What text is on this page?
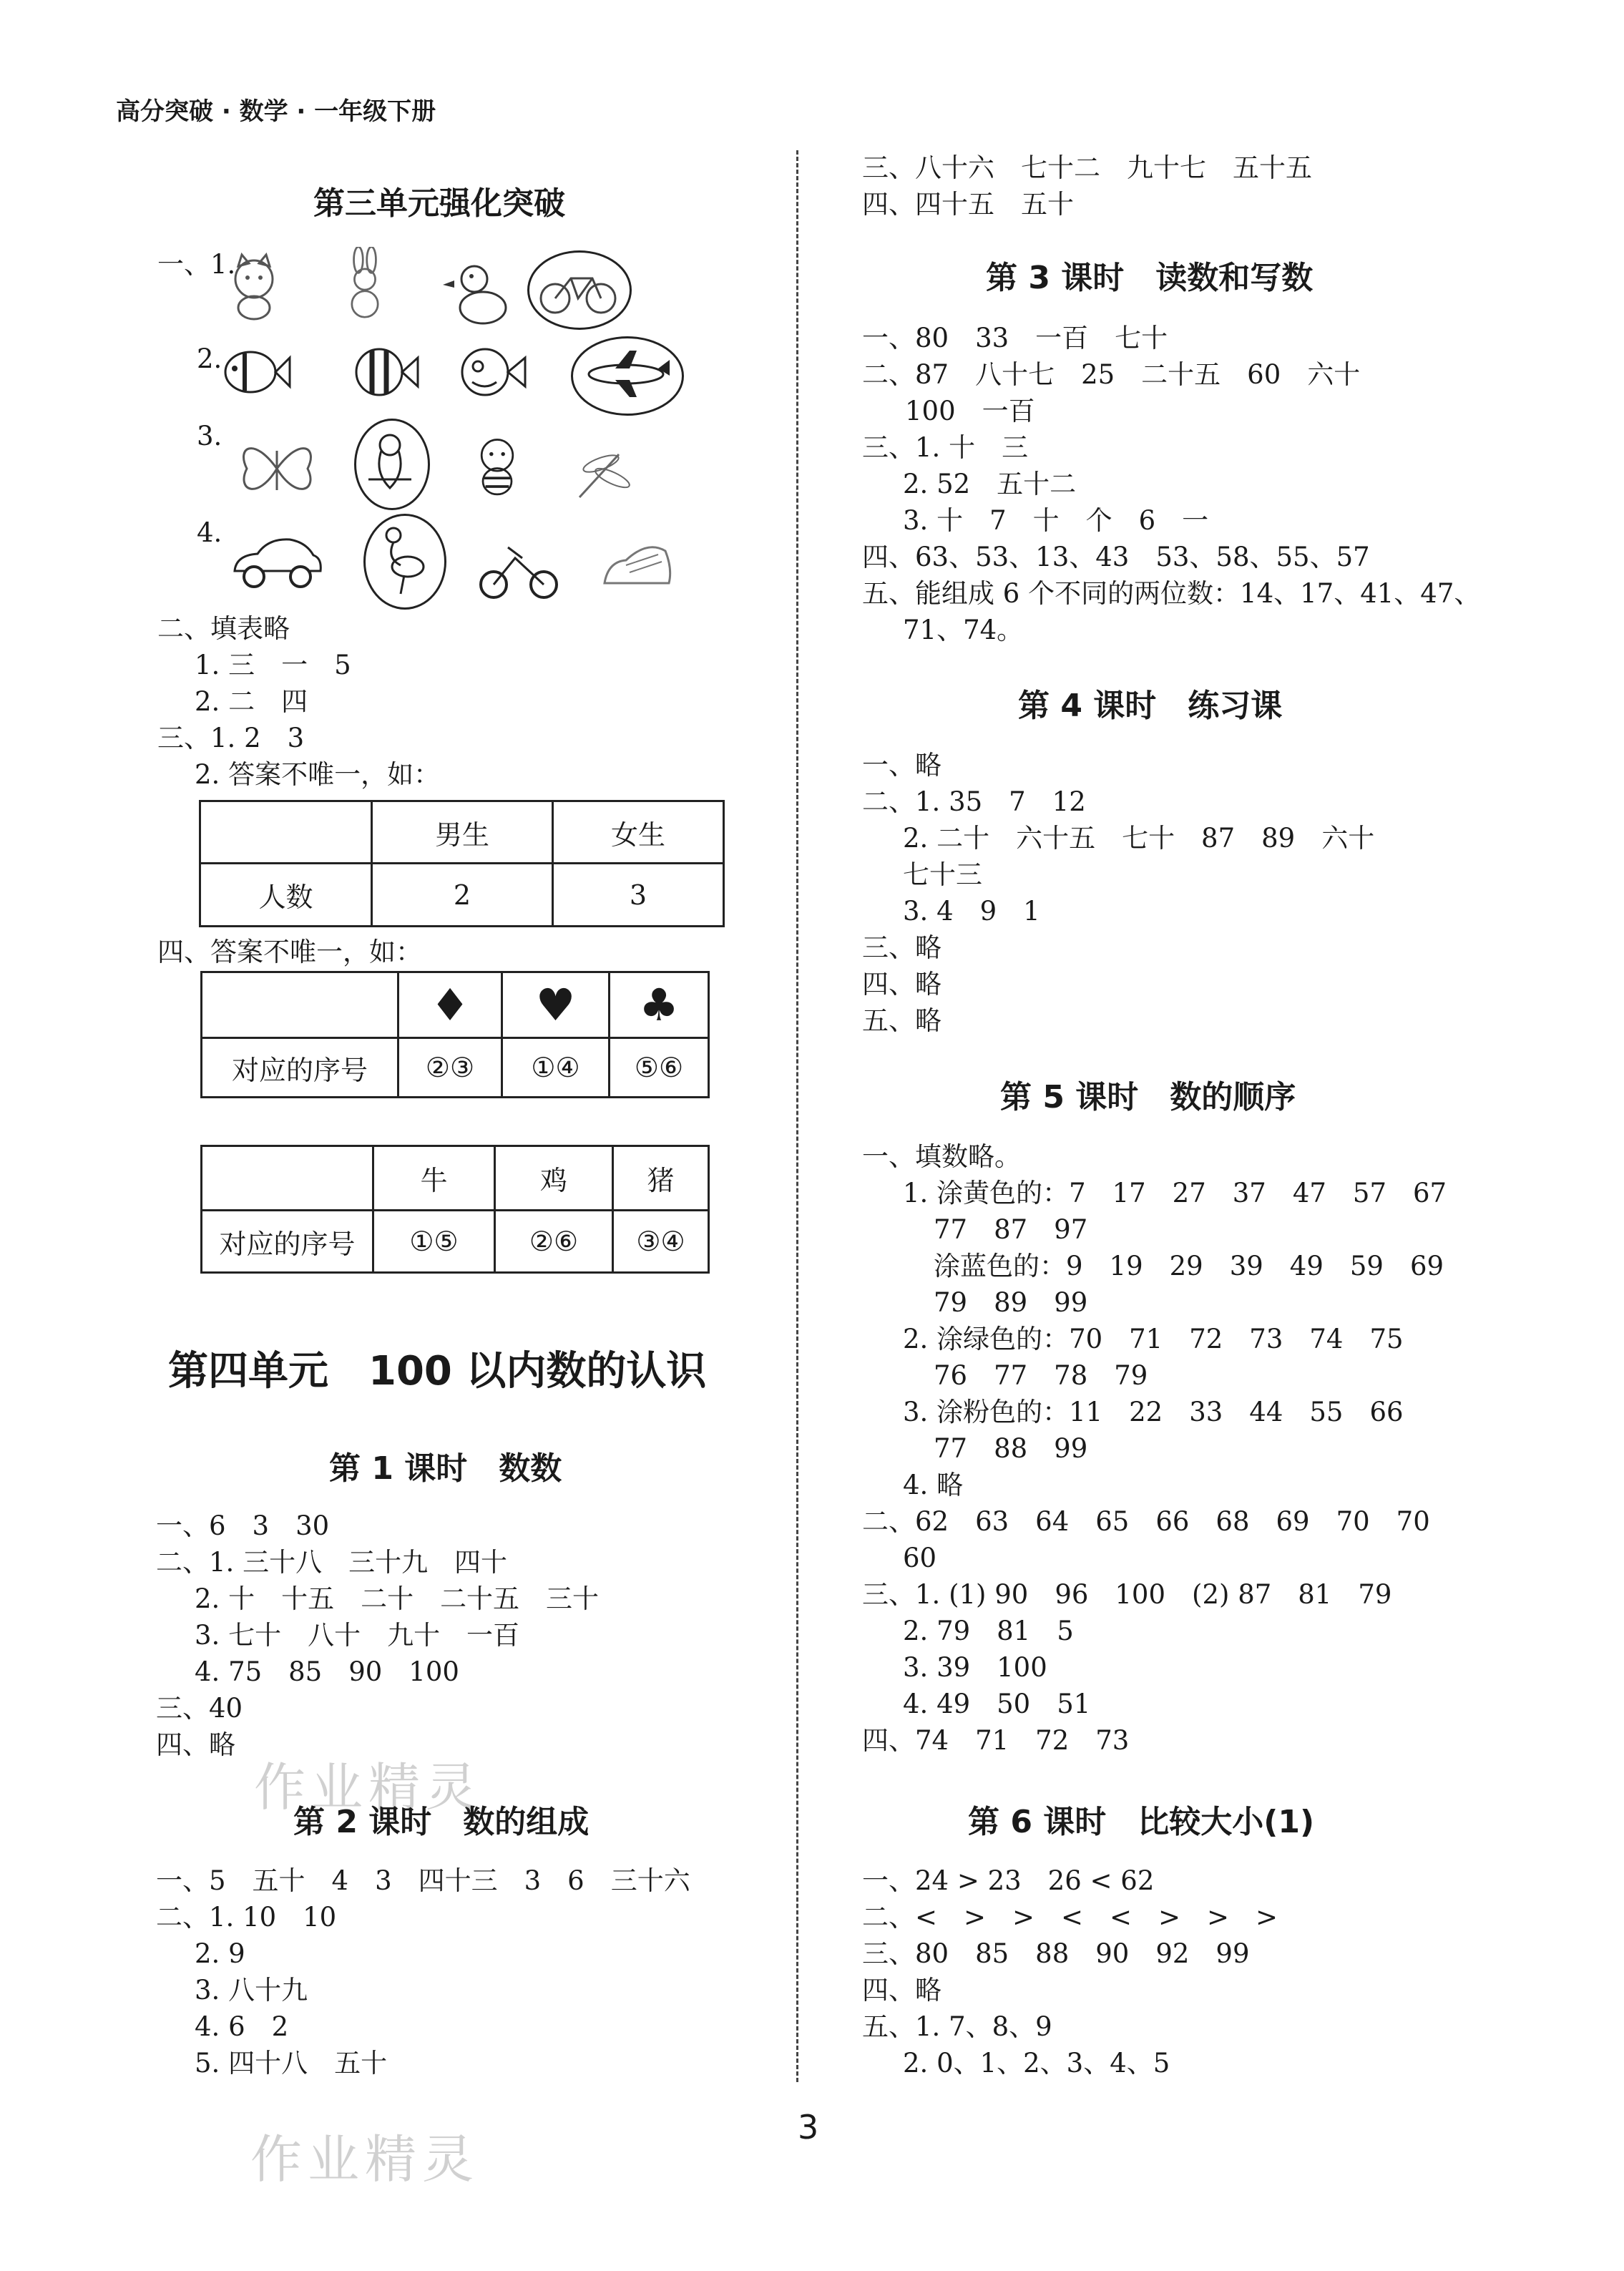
高分突破 · 数学 · 一年级下册
第三单元强化突破
一、1.
2.
3.
4.
二、填表略
1. 三　一　5
2. 二　四
三、1. 2　3
2. 答案不唯一，如：
	男生	女生
人数	2	3
四、答案不唯一，如：
	♦	♥	♣
对应的序号	②③	①④	⑤⑥
	牛	鸡	猪
对应的序号	①⑤	②⑥	③④
第四单元　100 以内数的认识
第 1 课时　数数
一、6　3　30
二、1. 三十八　三十九　四十
2. 十　十五　二十　二十五　三十
3. 七十　八十　九十　一百
4. 75　85　90　100
三、40
四、略
作业精灵
第 2 课时　数的组成
一、5　五十　4　3　四十三　3　6　三十六
二、1. 10　10
2. 9
3. 八十九
4. 6　2
5. 四十八　五十
三、八十六　七十二　九十七　五十五
四、四十五　五十
第 3 课时　读数和写数
一、80　33　一百　七十
二、87　八十七　25　二十五　60　六十
100　一百
三、1. 十　三
2. 52　五十二
3. 十　7　十　个　6　一
四、63、53、13、43　53、58、55、57
五、能组成 6 个不同的两位数：14、17、41、47、
71、74。
第 4 课时　练习课
一、略
二、1. 35　7　12
2. 二十　六十五　七十　87　89　六十
七十三
3. 4　9　1
三、略
四、略
五、略
第 5 课时　数的顺序
一、填数略。
1. 涂黄色的：7　17　27　37　47　57　67
77　87　97
涂蓝色的：9　19　29　39　49　59　69
79　89　99
2. 涂绿色的：70　71　72　73　74　75
76　77　78　79
3. 涂粉色的：11　22　33　44　55　66
77　88　99
4. 略
二、62　63　64　65　66　68　69　70　70
60
三、1. (1) 90　96　100　(2) 87　81　79
2. 79　81　5
3. 39　100
4. 49　50　51
四、74　71　72　73
第 6 课时　比较大小(1)
一、24 > 23　26 < 62
二、<　>　>　<　<　>　>　>
三、80　85　88　90　92　99
四、略
五、1. 7、8、9
2. 0、1、2、3、4、5
3
作业精灵
